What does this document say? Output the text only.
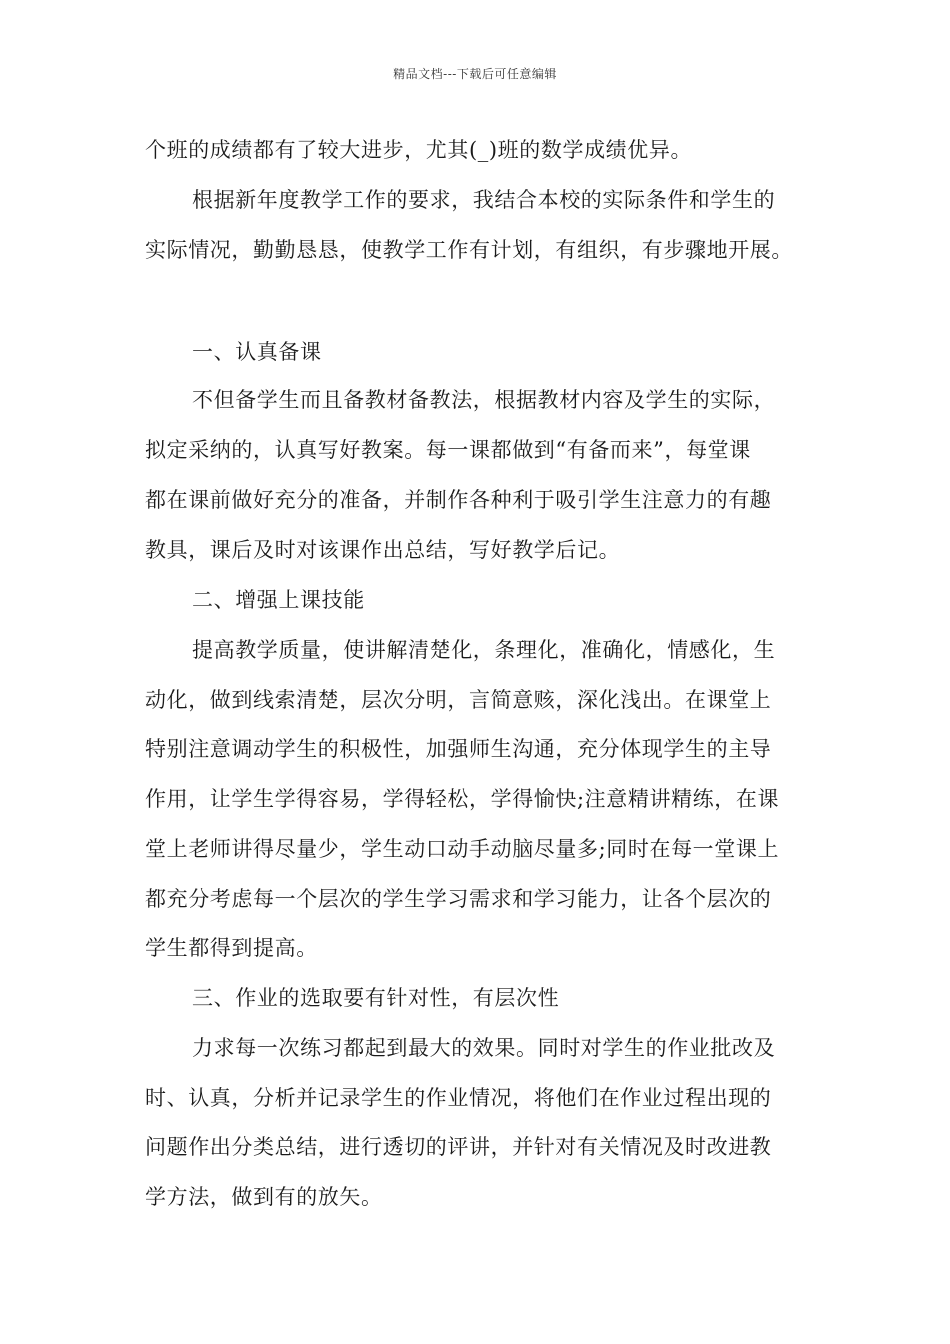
精品文档---下载后可任意编辑
个班的成绩都有了较大进步，尤其(_)班的数学成绩优异。
根据新年度教学工作的要求，我结合本校的实际条件和学生的
实际情况，勤勤恳恳，使教学工作有计划，有组织，有步骤地开展。
一、认真备课
不但备学生而且备教材备教法，根据教材内容及学生的实际，
拟定采纳的，认真写好教案。每一课都做到“有备而来”，每堂课
都在课前做好充分的准备，并制作各种利于吸引学生注意力的有趣
教具，课后及时对该课作出总结，写好教学后记。
二、增强上课技能
提高教学质量，使讲解清楚化，条理化，准确化，情感化，生
动化，做到线索清楚，层次分明，言简意赅，深化浅出。在课堂上
特别注意调动学生的积极性，加强师生沟通，充分体现学生的主导
作用，让学生学得容易，学得轻松，学得愉快;注意精讲精练，在课
堂上老师讲得尽量少，学生动口动手动脑尽量多;同时在每一堂课上
都充分考虑每一个层次的学生学习需求和学习能力，让各个层次的
学生都得到提高。
三、作业的选取要有针对性，有层次性
力求每一次练习都起到最大的效果。同时对学生的作业批改及
时、认真，分析并记录学生的作业情况，将他们在作业过程出现的
问题作出分类总结，进行透切的评讲，并针对有关情况及时改进教
学方法，做到有的放矢。
